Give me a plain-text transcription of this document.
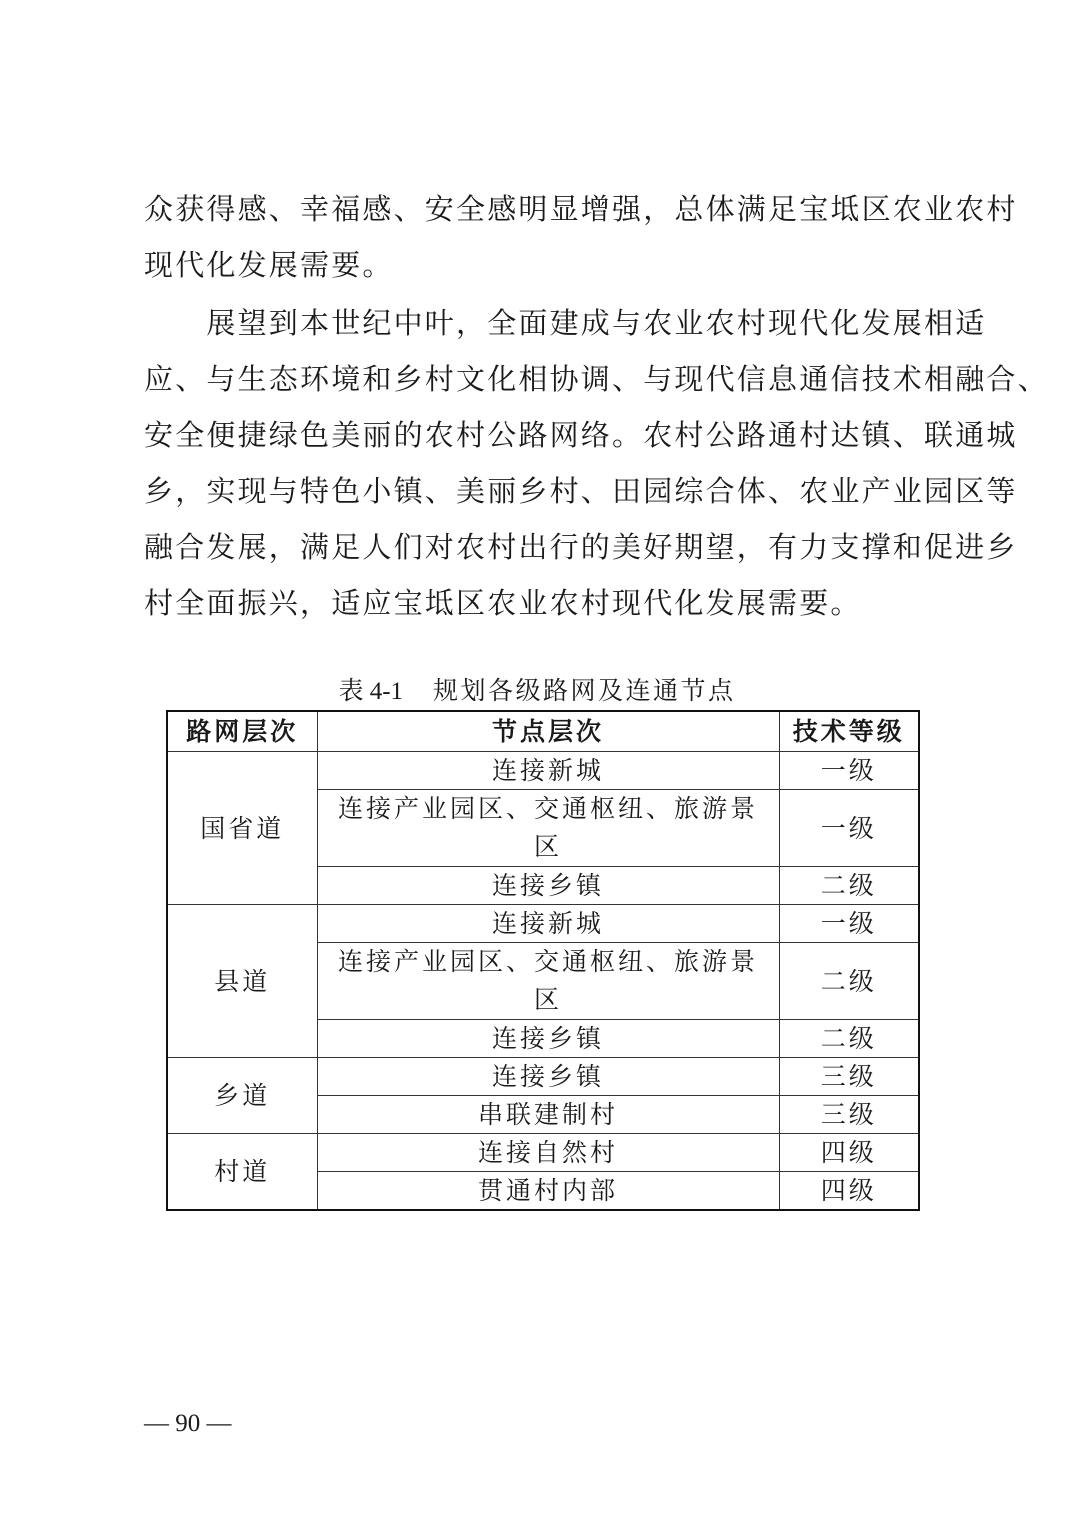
众获得感、幸福感、安全感明显增强，总体满足宝坻区农业农村

现代化发展需要。

　　展望到本世纪中叶，全面建成与农业农村现代化发展相适

应、与生态环境和乡村文化相协调、与现代信息通信技术相融合、

安全便捷绿色美丽的农村公路网络。农村公路通村达镇、联通城

乡，实现与特色小镇、美丽乡村、田园综合体、农业产业园区等

融合发展，满足人们对农村出行的美好期望，有力支撑和促进乡

村全面振兴，适应宝坻区农业农村现代化发展需要。

表 4-1 规划各级路网及连通节点

路网层次	节点层次	技术等级
国省道	连接新城	一级
	连接产业园区、交通枢纽、旅游景区	一级
	连接乡镇	二级
县道	连接新城	一级
	连接产业园区、交通枢纽、旅游景区	二级
	连接乡镇	二级
乡道	连接乡镇	三级
	串联建制村	三级
村道	连接自然村	四级
	贯通村内部	四级

— 90 —
